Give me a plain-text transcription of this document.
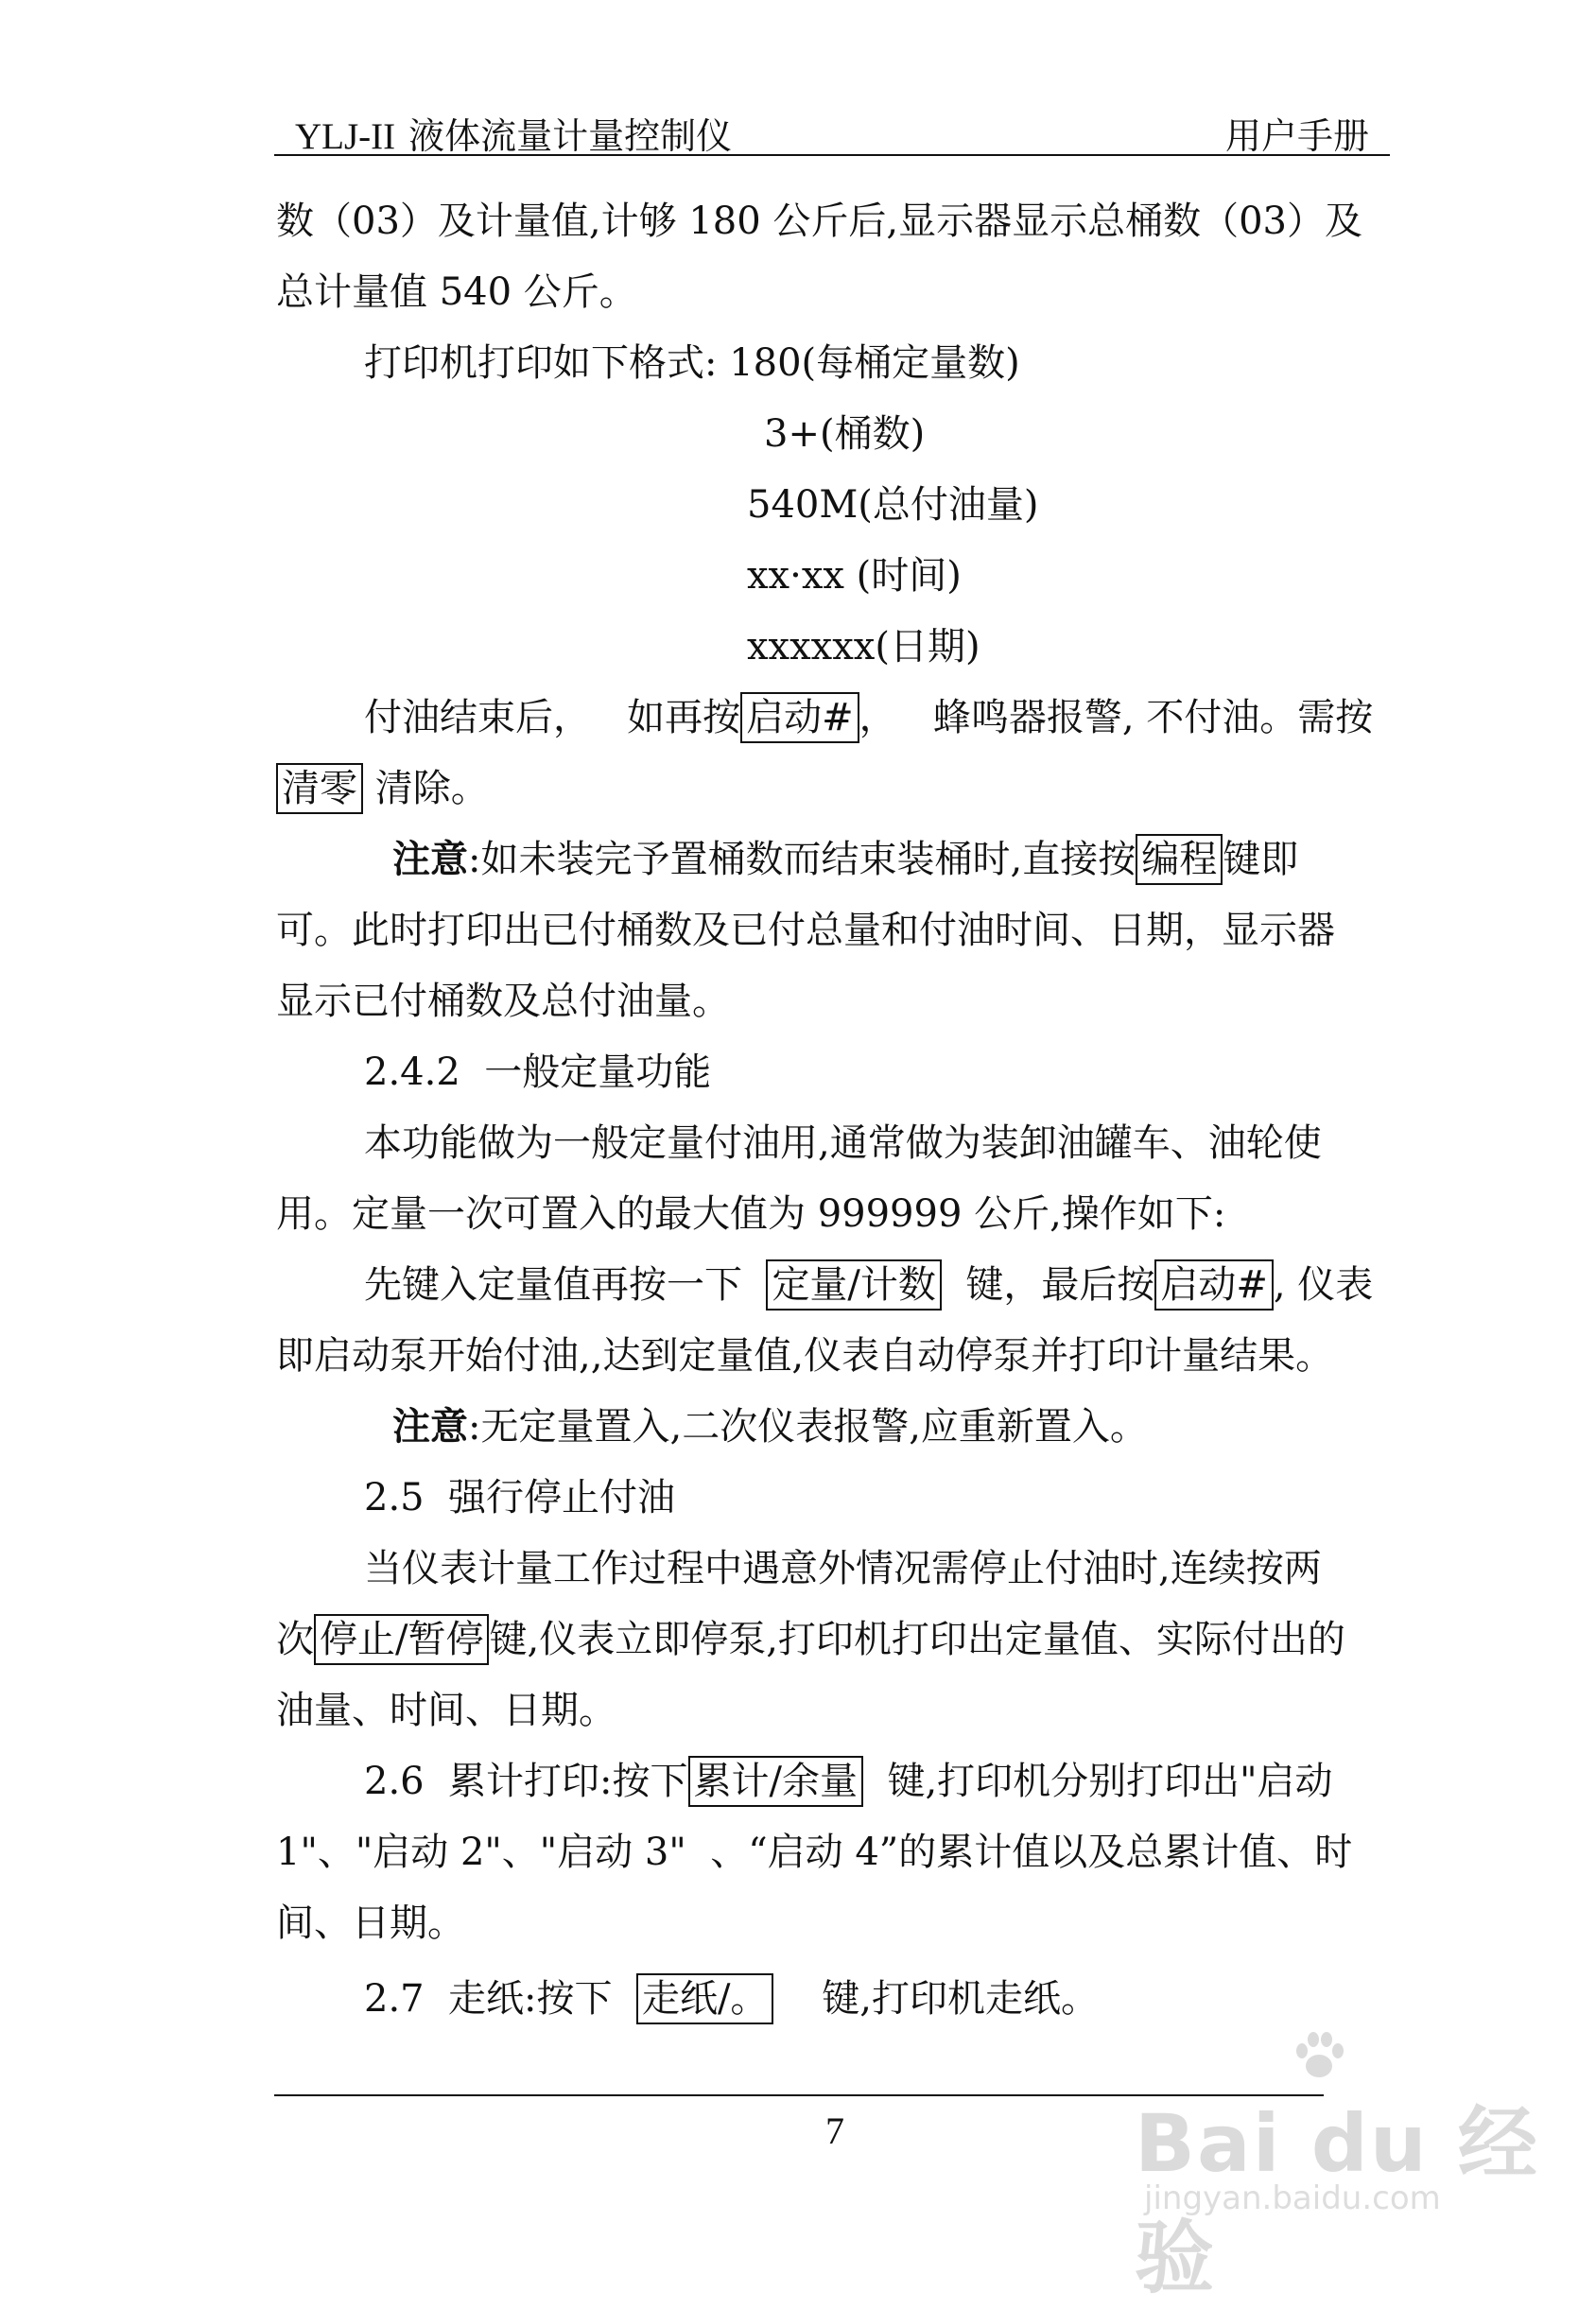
YLJ-II 液体流量计量控制仪	用户手册
数（03）及计量值,计够 180 公斤后,显示器显示总桶数（03）及
总计量值 540 公斤。
打印机打印如下格式: 180(每桶定量数)
3+(桶数)
540M(总付油量)
xx·xx (时间)
xxxxxx(日期)
付油结束后，   如再按 启动# ，   蜂鸣器报警, 不付油。需按
清零 清除。
注意:如未装完予置桶数而结束装桶时,直接按 编程 键即
可。此时打印出已付桶数及已付总量和付油时间、日期，显示器
显示已付桶数及总付油量。
2.4.2  一般定量功能
本功能做为一般定量付油用,通常做为装卸油罐车、油轮使
用。定量一次可置入的最大值为 999999 公斤,操作如下:
先键入定量值再按一下  定量/计数  键，最后按 启动# , 仪表
即启动泵开始付油,,达到定量值,仪表自动停泵并打印计量结果。
注意:无定量置入,二次仪表报警,应重新置入。
2.5  强行停止付油
当仪表计量工作过程中遇意外情况需停止付油时,连续按两
次 停止/暂停 键,仪表立即停泵,打印机打印出定量值、实际付出的
油量、时间、日期。
2.6  累计打印:按下 累计/余量  键,打印机分别打印出"启动
1"、"启动 2"、"启动 3"  、“启动 4”的累计值以及总累计值、时
间、日期。
2.7  走纸:按下  走纸/。    键,打印机走纸。
7	Bai du 经验
jingyan.baidu.com
